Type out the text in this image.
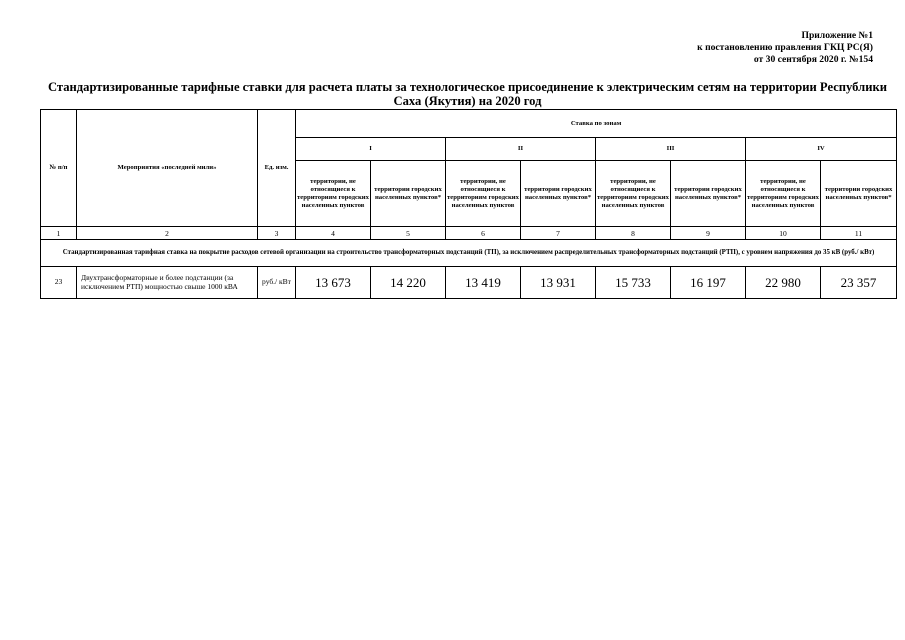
Приложение №1
к постановлению правления ГКЦ РС(Я)
от 30 сентября 2020 г. №154
Стандартизированные тарифные ставки для расчета платы за технологическое присоединение к электрическим сетям на территории Республики Саха (Якутия) на 2020 год
№ п/п	Мероприятия «последней мили»	Ед. изм.	Ставка по зонам							
			I		II		III		IV	
			территории, не относящиеся к территориям городских населенных пунктов	территории городских населенных пунктов*	территории, не относящиеся к территориям городских населенных пунктов	территории городских населенных пунктов*	территории, не относящиеся к территориям городских населенных пунктов	территории городских населенных пунктов*	территории, не относящиеся к территориям городских населенных пунктов	территории городских населенных пунктов*
1	2	3	4	5	6	7	8	9	10	11
Стандартизированная тарифная ставка на покрытие расходов сетевой организации на строительство трансформаторных подстанций (ТП), за исключением распределительных трансформаторных подстанций (РТП), с уровнем напряжения до 35 кВ (руб./ кВт)										
23	Двухтрансформаторные и более подстанции (за исключением РТП) мощностью свыше 1000 кВА	руб./ кВт	13 673	14 220	13 419	13 931	15 733	16 197	22 980	23 357
